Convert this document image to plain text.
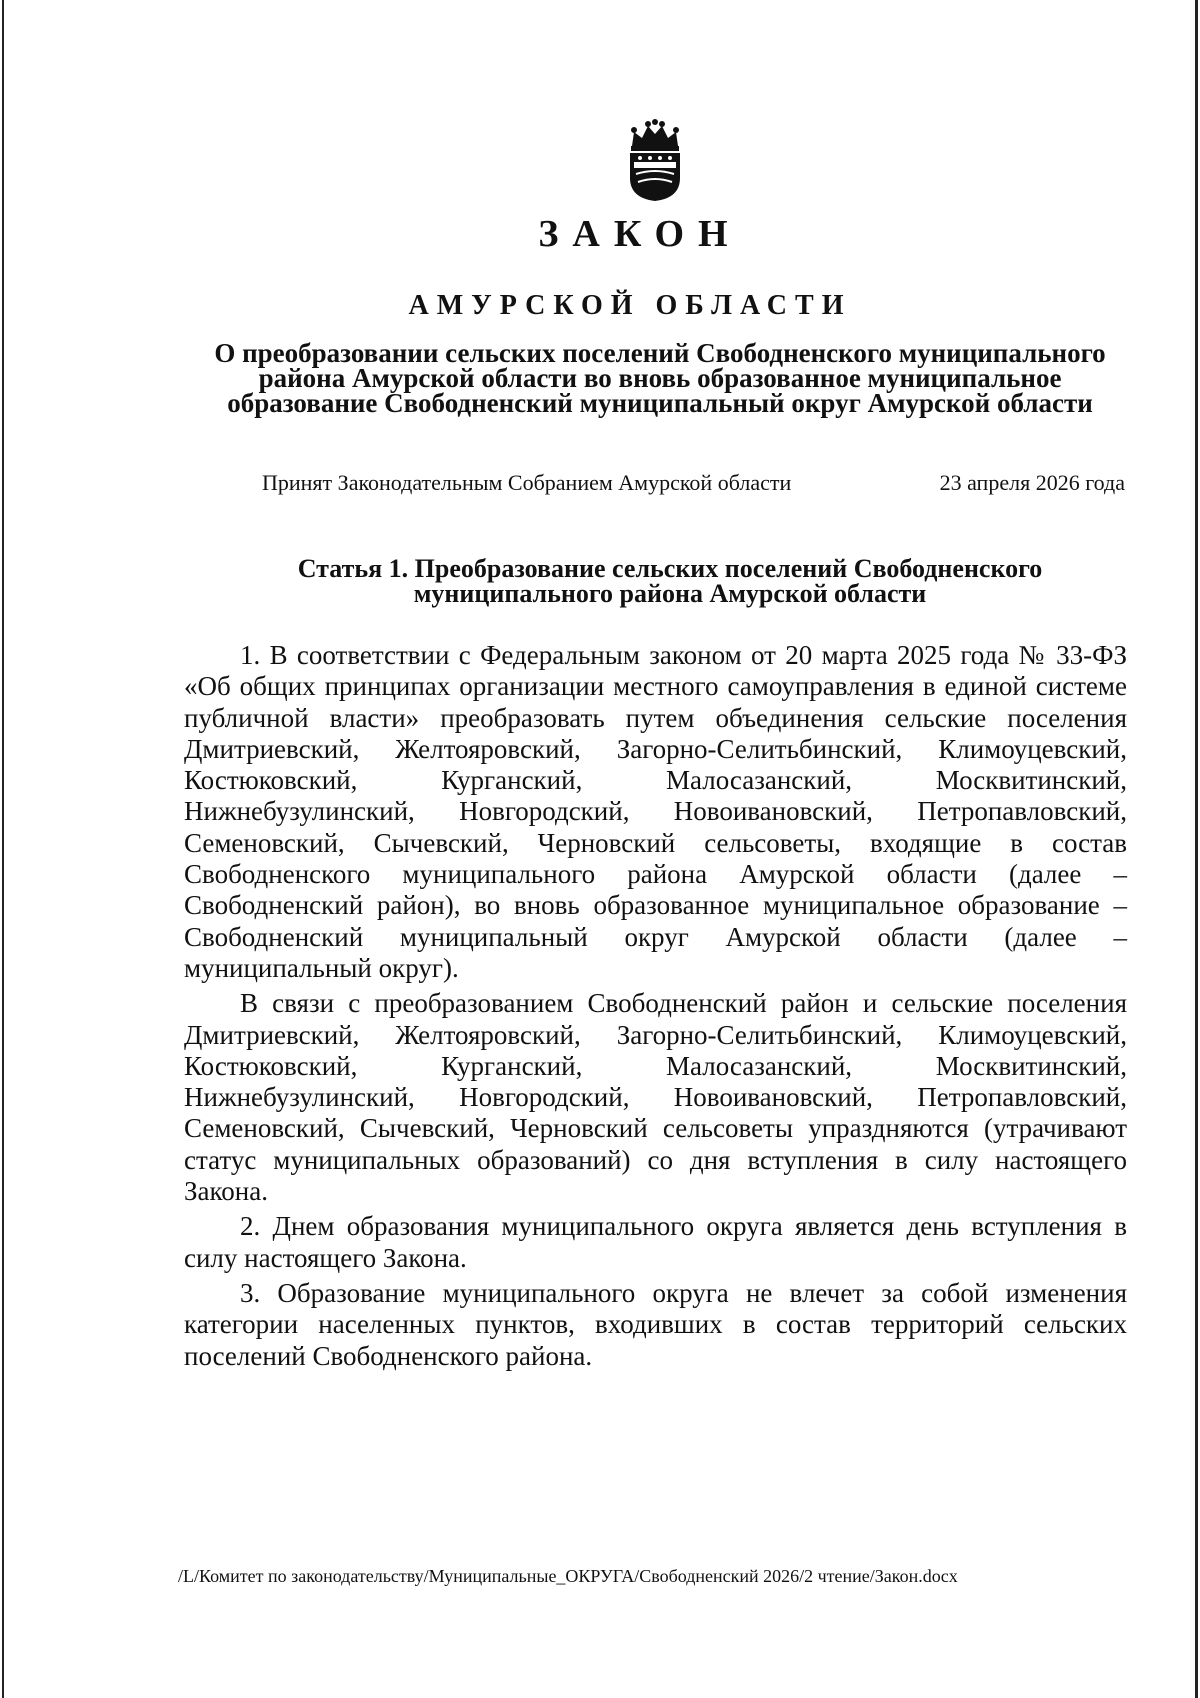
ЗАКОН
АМУРСКОЙ ОБЛАСТИ
О преобразовании сельских поселений Свободненского муниципального
района Амурской области во вновь образованное муниципальное
образование Свободненский муниципальный округ Амурской области
Принят Законодательным Собранием Амурской области	23 апреля 2026 года
Статья 1. Преобразование сельских поселений Свободненского
муниципального района Амурской области

1. В соответствии с Федеральным законом от 20 марта 2025 года № 33-ФЗ «Об общих принципах организации местного самоуправления в единой системе публичной власти» преобразовать путем объединения сельские поселения Дмитриевский, Желтояровский, Загорно-Селитьбинский, Климоуцевский, Костюковский, Курганский, Малосазанский, Москвитинский, Нижнебузулинский, Новгородский, Новоивановский, Петропавловский, Семеновский, Сычевский, Черновский сельсоветы, входящие в состав Свободненского муниципального района Амурской области (далее – Свободненский район), во вновь образованное муниципальное образование – Свободненский муниципальный округ Амурской области (далее – муниципальный округ).

В связи с преобразованием Свободненский район и сельские поселения Дмитриевский, Желтояровский, Загорно-Селитьбинский, Климоуцевский, Костюковский, Курганский, Малосазанский, Москвитинский, Нижнебузулинский, Новгородский, Новоивановский, Петропавловский, Семеновский, Сычевский, Черновский сельсоветы упраздняются (утрачивают статус муниципальных образований) со дня вступления в силу настоящего Закона.

2. Днем образования муниципального округа является день вступления в силу настоящего Закона.

3. Образование муниципального округа не влечет за собой изменения категории населенных пунктов, входивших в состав территорий сельских поселений Свободненского района.

/L/Комитет по законодательству/Муниципальные_ОКРУГА/Свободненский 2026/2 чтение/Закон.docx
